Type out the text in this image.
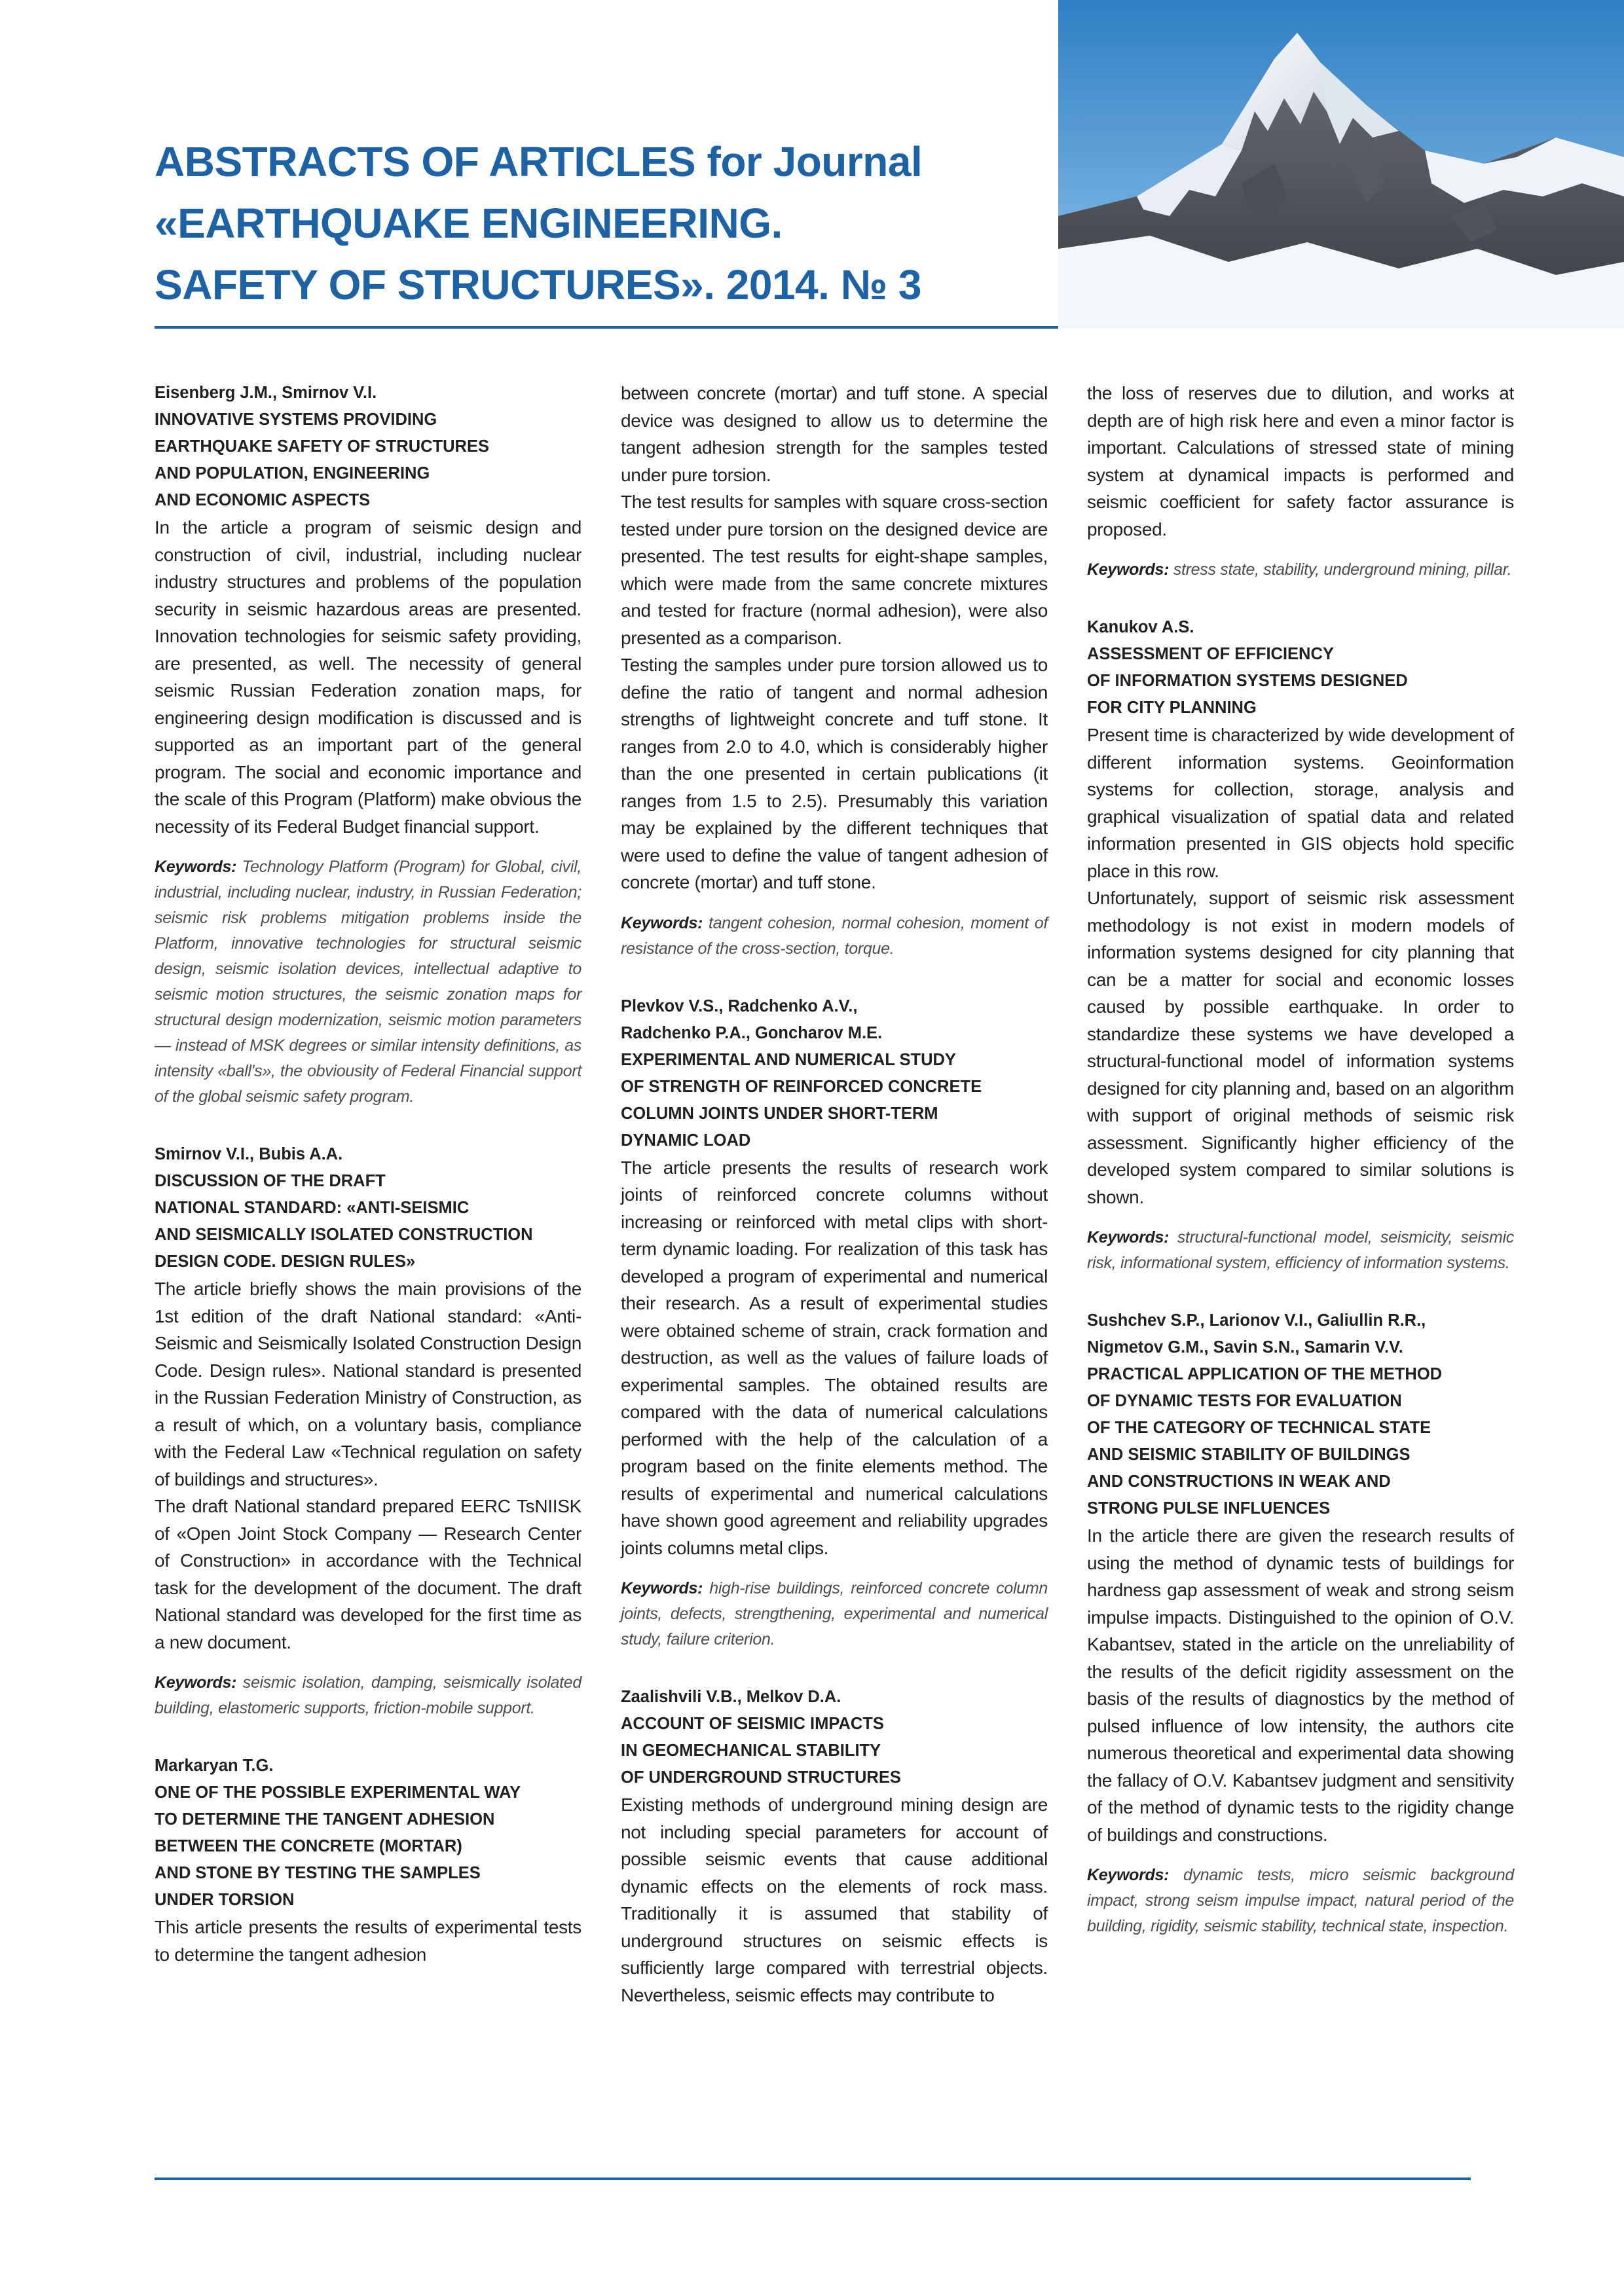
ABSTRACTS OF ARTICLES for Journal
«EARTHQUAKE ENGINEERING.
SAFETY OF STRUCTURES». 2014. № 3
Eisenberg J.M., Smirnov V.I.
INNOVATIVE SYSTEMS PROVIDING
EARTHQUAKE SAFETY OF STRUCTURES
AND POPULATION, ENGINEERING
AND ECONOMIC ASPECTS

In the article a program of seismic design and construction of civil, industrial, including nuclear industry structures and problems of the population security in seismic hazardous areas are presented. Innovation technologies for seismic safety providing, are presented, as well. The necessity of general seismic Russian Federation zonation maps, for engineering design modification is discussed and is supported as an important part of the general program. The social and economic importance and the scale of this Program (Platform) make obvious the necessity of its Federal Budget financial support.

Keywords: Technology Platform (Program) for Global, civil, industrial, including nuclear, industry, in Russian Federation; seismic risk problems mitigation problems inside the Platform, innovative technologies for structural seismic design, seismic isolation devices, intellectual adaptive to seismic motion structures, the seismic zonation maps for structural design modernization, seismic motion parameters — instead of MSK degrees or similar intensity definitions, as intensity «ball's», the obviousity of Federal Financial support of the global seismic safety program.
Smirnov V.I., Bubis A.A.
DISCUSSION OF THE DRAFT
NATIONAL STANDARD: «ANTI-SEISMIC
AND SEISMICALLY ISOLATED CONSTRUCTION
DESIGN CODE. DESIGN RULES»

The article briefly shows the main provisions of the 1st edition of the draft National standard: «Anti-Seismic and Seismically Isolated Construction Design Code. Design rules». National standard is presented in the Russian Federation Ministry of Construction, as a result of which, on a voluntary basis, compliance with the Federal Law «Technical regulation on safety of buildings and structures».

The draft National standard prepared EERC TsNIISK of «Open Joint Stock Company — Research Center of Construction» in accordance with the Technical task for the development of the document. The draft National standard was developed for the first time as a new document.

Keywords: seismic isolation, damping, seismically isolated building, elastomeric supports, friction-mobile support.
Markaryan T.G.
ONE OF THE POSSIBLE EXPERIMENTAL WAY
TO DETERMINE THE TANGENT ADHESION
BETWEEN THE CONCRETE (MORTAR)
AND STONE BY TESTING THE SAMPLES
UNDER TORSION

This article presents the results of experimental tests to determine the tangent adhesion

between concrete (mortar) and tuff stone. A special device was designed to allow us to determine the tangent adhesion strength for the samples tested under pure torsion.

The test results for samples with square cross-section tested under pure torsion on the designed device are presented. The test results for eight-shape samples, which were made from the same concrete mixtures and tested for fracture (normal adhesion), were also presented as a comparison.

Testing the samples under pure torsion allowed us to define the ratio of tangent and normal adhesion strengths of lightweight concrete and tuff stone. It ranges from 2.0 to 4.0, which is considerably higher than the one presented in certain publications (it ranges from 1.5 to 2.5). Presumably this variation may be explained by the different techniques that were used to define the value of tangent adhesion of concrete (mortar) and tuff stone.

Keywords: tangent cohesion, normal cohesion, moment of resistance of the cross-section, torque.
Plevkov V.S., Radchenko A.V.,
Radchenko P.A., Goncharov M.E.
EXPERIMENTAL AND NUMERICAL STUDY
OF STRENGTH OF REINFORCED CONCRETE
COLUMN JOINTS UNDER SHORT-TERM
DYNAMIC LOAD

The article presents the results of research work joints of reinforced concrete columns without increasing or reinforced with metal clips with short-term dynamic loading. For realization of this task has developed a program of experimental and numerical their research. As a result of experimental studies were obtained scheme of strain, crack formation and destruction, as well as the values of failure loads of experimental samples. The obtained results are compared with the data of numerical calculations performed with the help of the calculation of a program based on the finite elements method. The results of experimental and numerical calculations have shown good agreement and reliability upgrades joints columns metal clips.

Keywords: high-rise buildings, reinforced concrete column joints, defects, strengthening, experimental and numerical study, failure criterion.
Zaalishvili V.B., Melkov D.A.
ACCOUNT OF SEISMIC IMPACTS
IN GEOMECHANICAL STABILITY
OF UNDERGROUND STRUCTURES

Existing methods of underground mining design are not including special parameters for account of possible seismic events that cause additional dynamic effects on the elements of rock mass. Traditionally it is assumed that stability of underground structures on seismic effects is sufficiently large compared with terrestrial objects. Nevertheless, seismic effects may contribute to

the loss of reserves due to dilution, and works at depth are of high risk here and even a minor factor is important. Calculations of stressed state of mining system at dynamical impacts is performed and seismic coefficient for safety factor assurance is proposed.

Keywords: stress state, stability, underground mining, pillar.
Kanukov A.S.
ASSESSMENT OF EFFICIENCY
OF INFORMATION SYSTEMS DESIGNED
FOR CITY PLANNING

Present time is characterized by wide development of different information systems. Geoinformation systems for collection, storage, analysis and graphical visualization of spatial data and related information presented in GIS objects hold specific place in this row.

Unfortunately, support of seismic risk assessment methodology is not exist in modern models of information systems designed for city planning that can be a matter for social and economic losses caused by possible earthquake. In order to standardize these systems we have developed a structural-functional model of information systems designed for city planning and, based on an algorithm with support of original methods of seismic risk assessment. Significantly higher efficiency of the developed system compared to similar solutions is shown.

Keywords: structural-functional model, seismicity, seismic risk, informational system, efficiency of information systems.
Sushchev S.P., Larionov V.I., Galiullin R.R.,
Nigmetov G.M., Savin S.N., Samarin V.V.
PRACTICAL APPLICATION OF THE METHOD
OF DYNAMIC TESTS FOR EVALUATION
OF THE CATEGORY OF TECHNICAL STATE
AND SEISMIC STABILITY OF BUILDINGS
AND CONSTRUCTIONS IN WEAK AND
STRONG PULSE INFLUENCES

In the article there are given the research results of using the method of dynamic tests of buildings for hardness gap assessment of weak and strong seism impulse impacts. Distinguished to the opinion of O.V. Kabantsev, stated in the article on the unreliability of the results of the deficit rigidity assessment on the basis of the results of diagnostics by the method of pulsed influence of low intensity, the authors cite numerous theoretical and experimental data showing the fallacy of O.V. Kabantsev judgment and sensitivity of the method of dynamic tests to the rigidity change of buildings and constructions.

Keywords: dynamic tests, micro seismic background impact, strong seism impulse impact, natural period of the building, rigidity, seismic stability, technical state, inspection.
